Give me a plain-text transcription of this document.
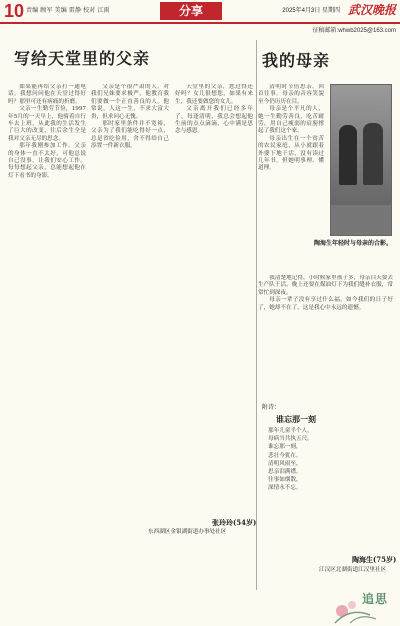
10 责编 顾军 美编 雷静 校对 江雨	分享	2025年4月3日 星期四 武汉晚报
征稿邮箱:whwb2025@163.com
写给天堂里的父亲

如果能再给父亲打一通电话，我想问问他在天堂过得好吗？那里可还有病痛的折磨。

父亲一生勤劳节俭，1997年5月的一天早上，他骑着自行车去上班，从此我的生活发生了巨大的改变，往后余生全是我对父亲无尽的思念。

那年我刚参加工作，父亲的身体一直不太好，可他总说自己没事，让我们安心工作。每每想起父亲，总能想起他在灯下看书的身影。

父亲是个很严肃的人，对我们兄妹要求极严，他教育我们要做一个正直善良的人。他常说，人这一生，不求大富大贵，但求问心无愧。

那时家里条件并不宽裕，父亲为了我们能吃得好一点，总是省吃俭用，舍不得给自己添置一件新衣服。

天堂里的父亲，您过得还好吗？女儿很想您，如果有来生，我还要做您的女儿。

父亲离开我们已经多年了，每逢清明，我总会想起他生前的点点滴滴，心中满是思念与感恩。

张玲玲(54岁)
东西湖区金银湖街道办事处社区
我的母亲

清明时节倍思亲。回首往事，母亲的音容笑貌至今仍历历在目。

母亲是个平凡的人，她一生勤劳善良，吃苦耐劳，用自己瘦弱的肩膀撑起了我们这个家。

母亲出生在一个贫苦的农民家庭，从小就跟着外婆下地干活，没有读过几年书，但她明事理、懂道理。

陶海生年轻时与母亲的合影。

我清楚地记得，小时候家里孩子多，母亲白天要去生产队干活，晚上还要在煤油灯下为我们缝补衣服，常常忙到深夜。

母亲一辈子没有享过什么福，如今我们的日子好了，她却不在了，这是我心中永远的遗憾。

附诗：
谁忘那一刻
那年儿童半个人，
母病当共执五尺。
谁忘那一刻，
悲壮今犹在。
清明风雨至，
思亲泪满襟。
往事如烟散，
深情永不忘。
陶海生(75岁)
江汉区北湖街道江汉里社区
追思
